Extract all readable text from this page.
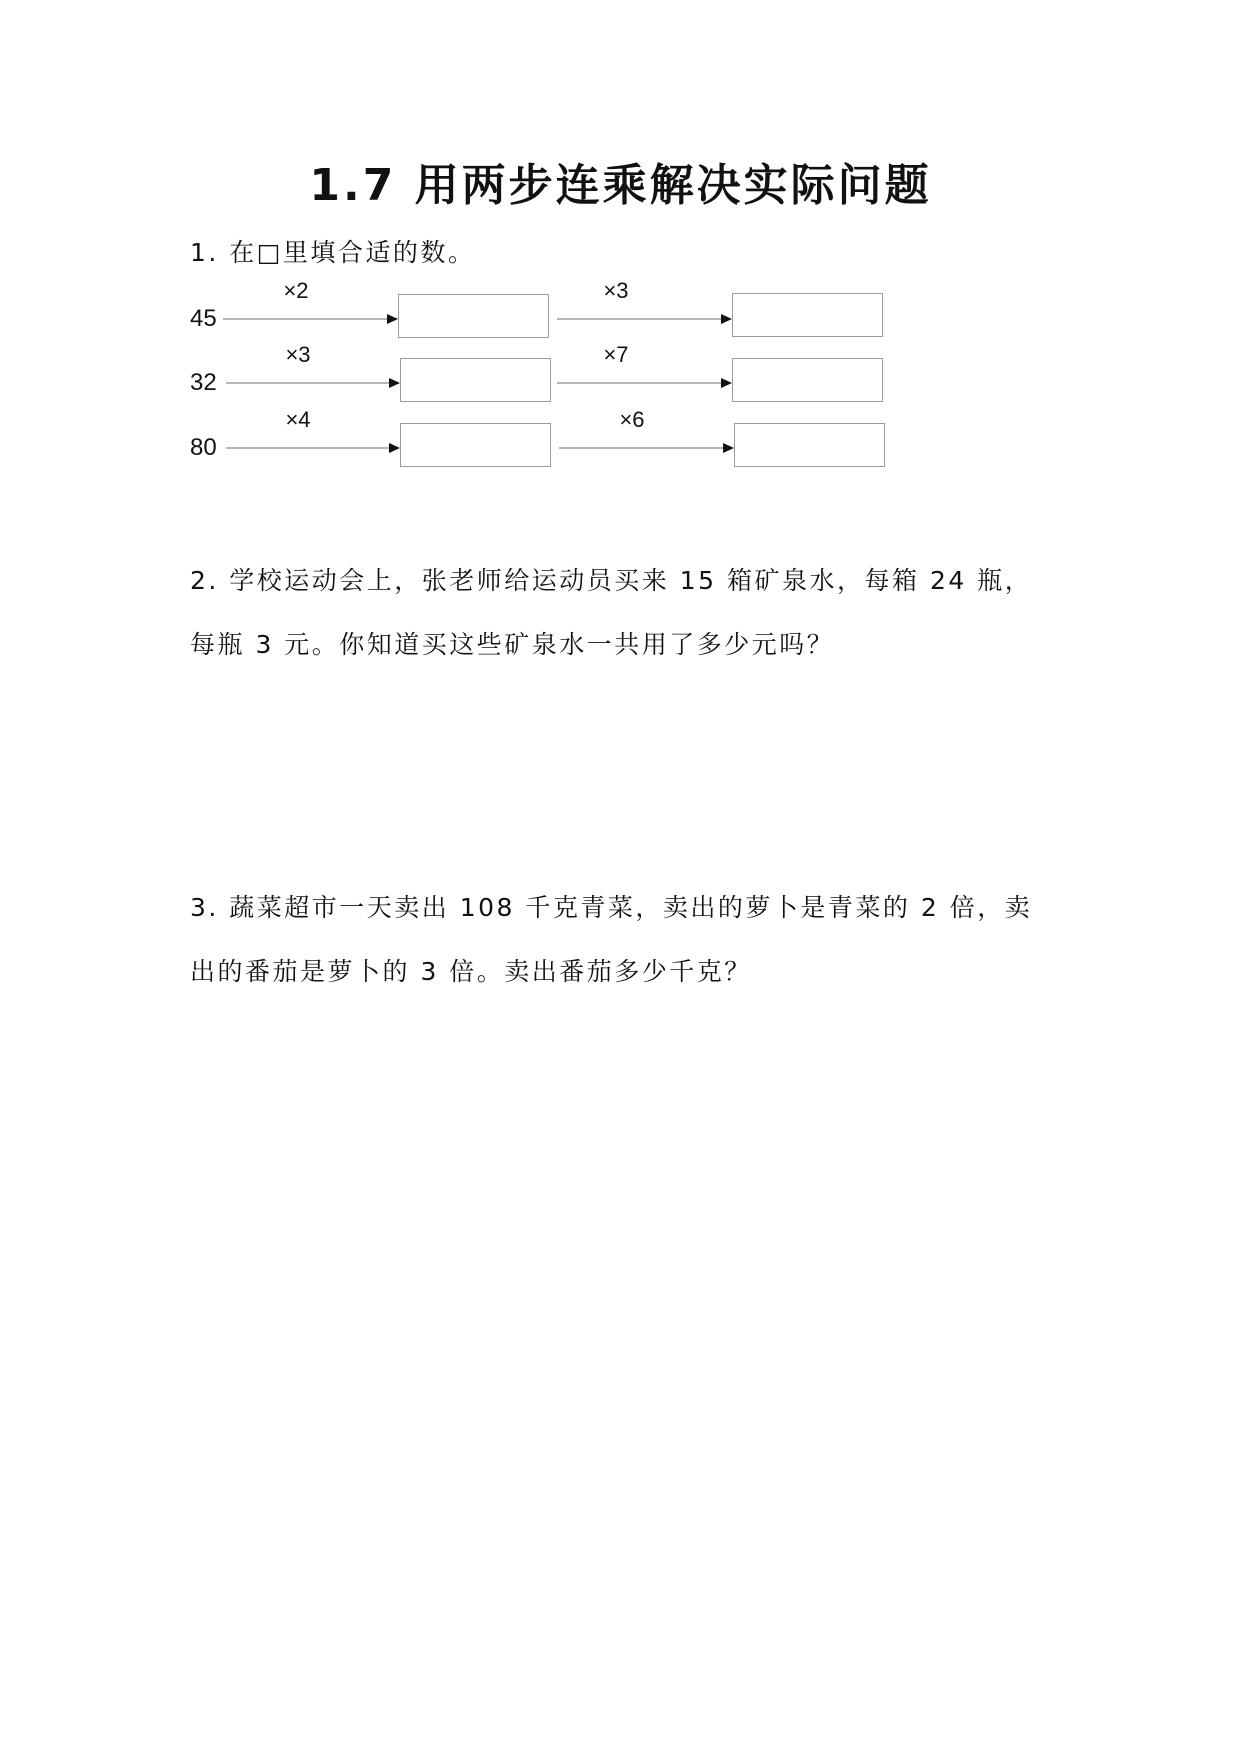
1.7 用两步连乘解决实际问题
1. 在□里填合适的数。
45
×2	×3
32
×3	×7
80
×4	×6
2. 学校运动会上，张老师给运动员买来 15 箱矿泉水，每箱 24 瓶，
每瓶 3 元。你知道买这些矿泉水一共用了多少元吗？
3. 蔬菜超市一天卖出 108 千克青菜，卖出的萝卜是青菜的 2 倍，卖
出的番茄是萝卜的 3 倍。卖出番茄多少千克？
